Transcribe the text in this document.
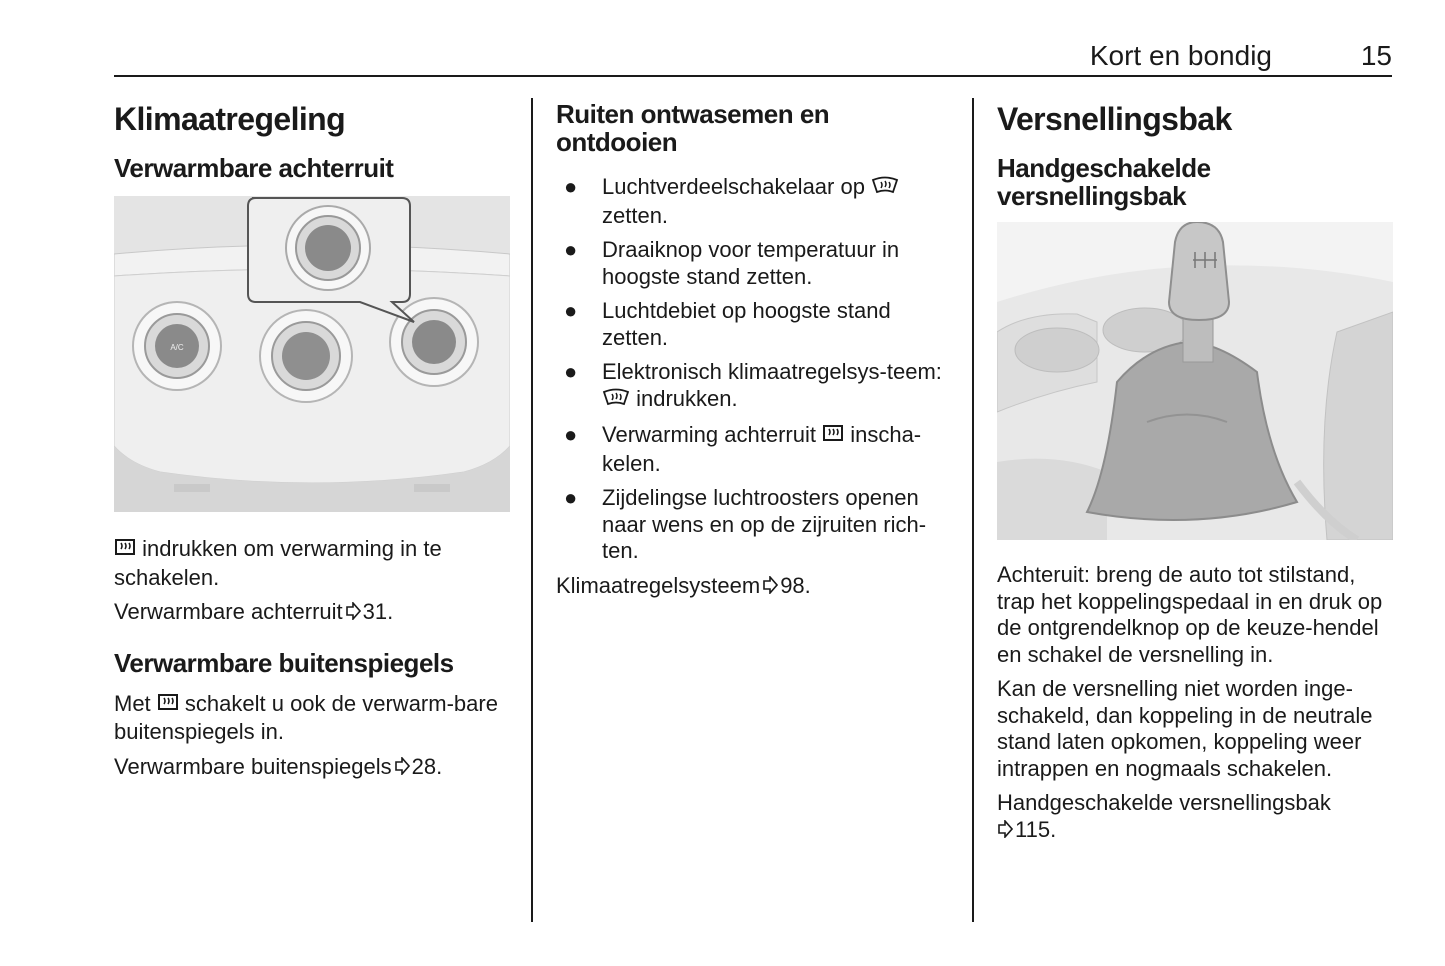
Kort en bondig	15
Klimaatregeling
Verwarmbare achterruit
A/C

indrukken om verwarming in te schakelen.

Verwarmbare achterruit 31.

Verwarmbare buitenspiegels

Met  schakelt u ook de verwarm-bare buitenspiegels in.

Verwarmbare buitenspiegels 28.

Ruiten ontwasemen en ontdooien
● Luchtverdeelschakelaar op  zetten.
● Draaiknop voor temperatuur in hoogste stand zetten.
● Luchtdebiet op hoogste stand zetten.
● Elektronisch klimaatregelsys-teem:  indrukken.
● Verwarming achterruit  inscha-kelen.
● Zijdelingse luchtroosters openen naar wens en op de zijruiten rich-ten.

Klimaatregelsysteem 98.

Versnellingsbak
Handgeschakelde versnellingsbak

Achteruit: breng de auto tot stilstand, trap het koppelingspedaal in en druk op de ontgrendelknop op de keuze-hendel en schakel de versnelling in.

Kan de versnelling niet worden inge-schakeld, dan koppeling in de neutrale stand laten opkomen, koppeling weer intrappen en nogmaals schakelen.

Handgeschakelde versnellingsbak
115.
